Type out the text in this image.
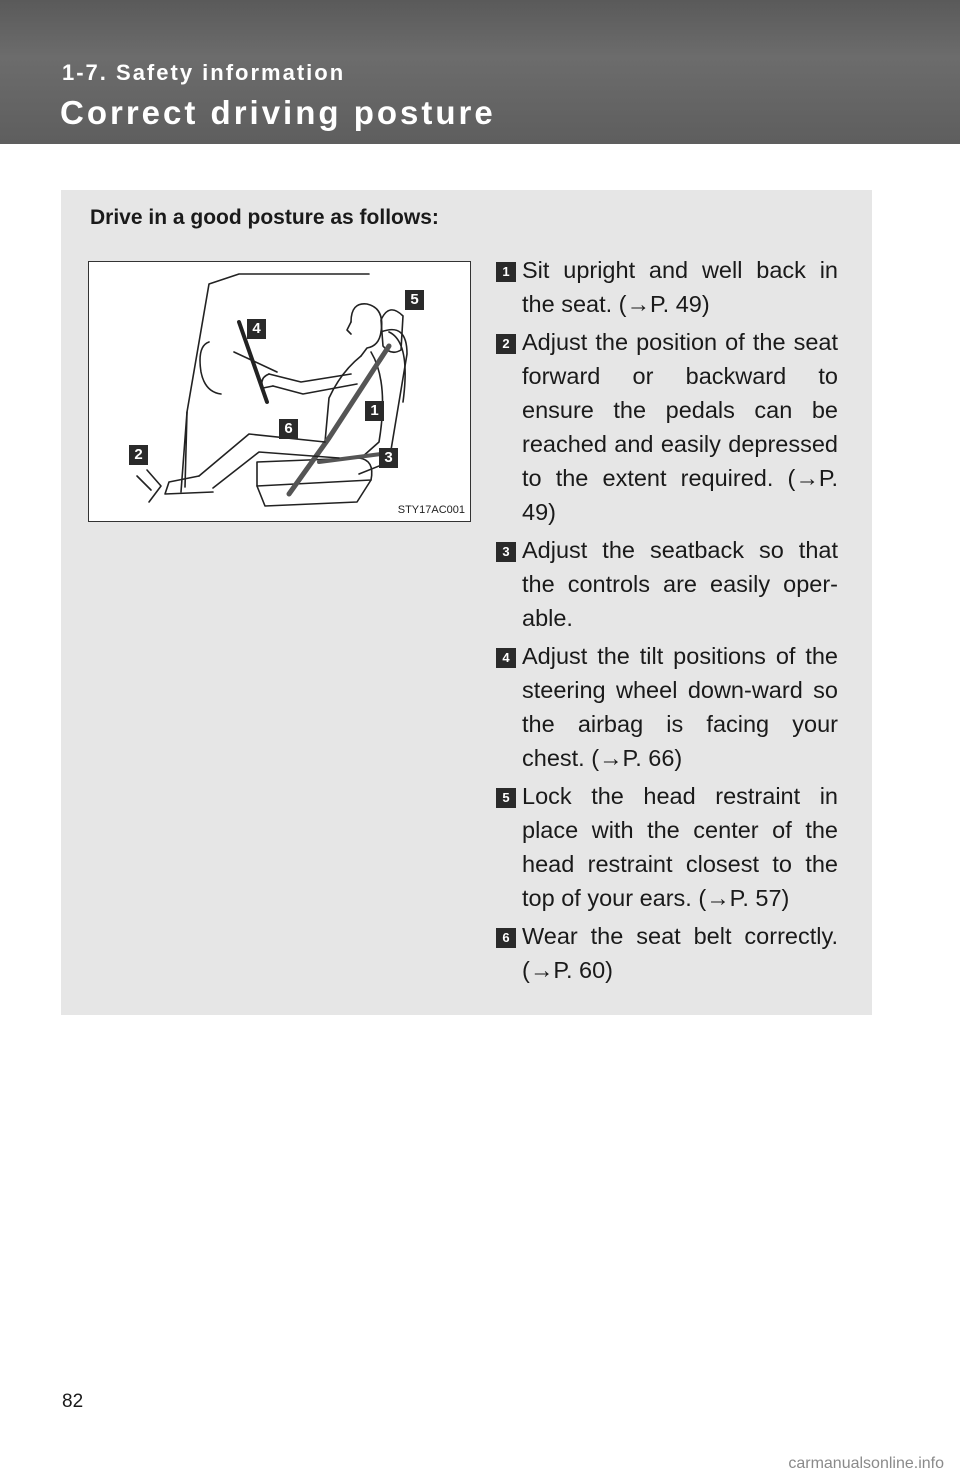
1-7. Safety information
Correct driving posture
Drive in a good posture as follows:
4
5
1
6
2	3
STY17AC001
1 Sit upright and well back in the seat. (→P. 49)
2 Adjust the position of the seat forward or backward to ensure the pedals can be reached and easily depressed to the extent required. (→P. 49)
3 Adjust the seatback so that the controls are easily oper-able.
4 Adjust the tilt positions of the steering wheel down-ward so the airbag is facing your chest. (→P. 66)
5 Lock the head restraint in place with the center of the head restraint closest to the top of your ears. (→P. 57)
6 Wear the seat belt correctly. (→P. 60)
82
carmanualsonline.info
